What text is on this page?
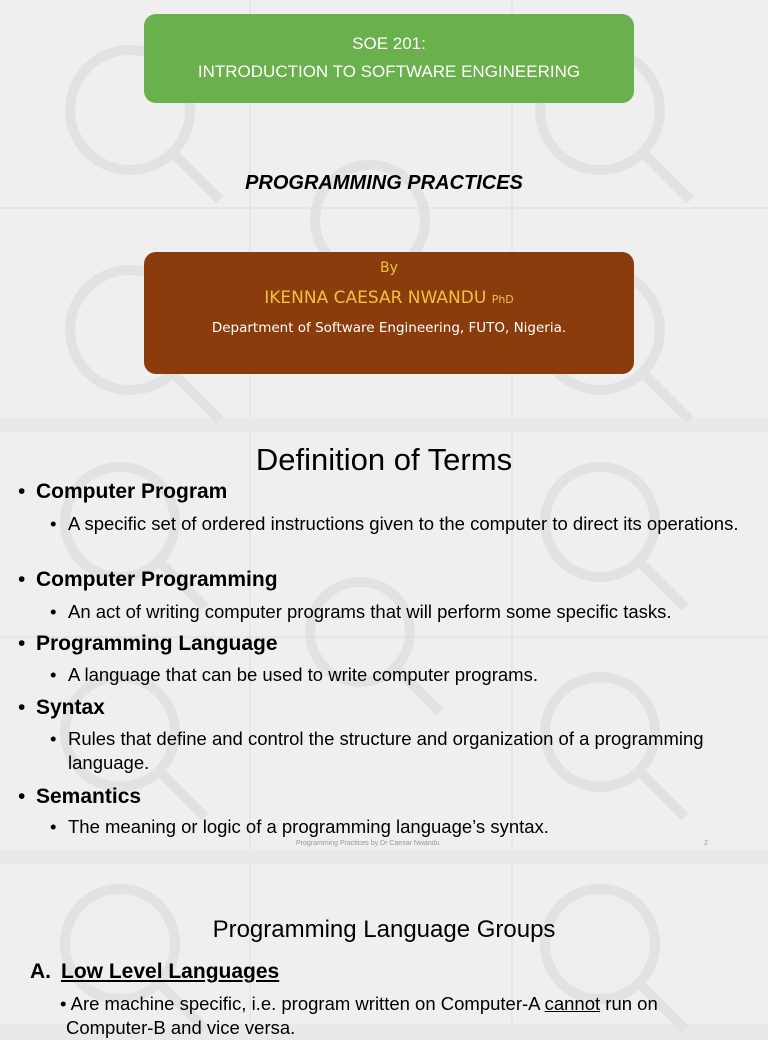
SOE 201:
INTRODUCTION TO SOFTWARE ENGINEERING
PROGRAMMING PRACTICES
By
IKENNA CAESAR NWANDU PhD
Department of Software Engineering, FUTO, Nigeria.
Definition of Terms
• Computer Program
• A specific set of ordered instructions given to the computer to direct its operations.
• Computer Programming
• An act of writing computer programs that will perform some specific tasks.
• Programming Language
• A language that can be used to write computer programs.
• Syntax
• Rules that define and control the structure and organization of a programming language.
• Semantics
• The meaning or logic of a programming language’s syntax.
Programming Practices by Dr Caesar Nwandu	2
Programming Language Groups
A. Low Level Languages
• Are machine specific, i.e. program written on Computer-A cannot run on
Computer-B and vice versa.
